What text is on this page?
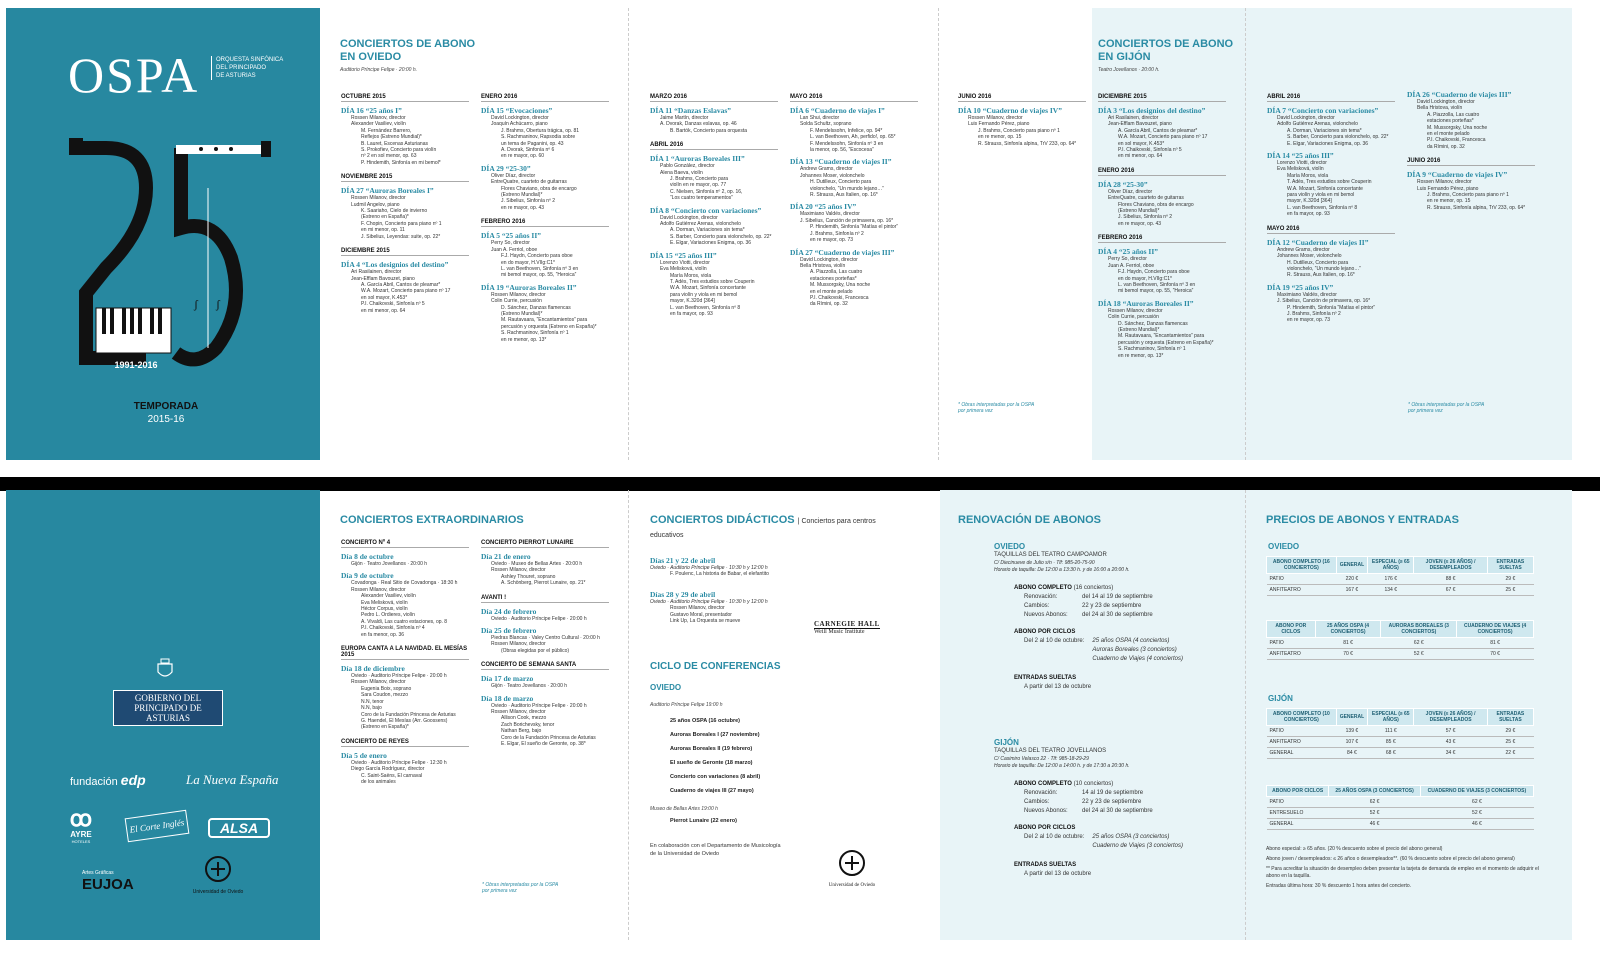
OSPA	ORQUESTA SINFÓNICA
DEL PRINCIPADO
DE ASTURIAS
ʃ ʃ
1991-2016
TEMPORADA
2015-16
CONCIERTOS DE ABONO
EN OVIEDO
Auditorio Príncipe Felipe · 20:00 h.
OCTUBRE 2015
DÍA 16 “25 años I”
Rossen Milanov, director
Alexander Vasiliev, violín
M. Fernández Barrero,
Reflejos (Estreno Mundial)*
B. Lauret, Escenas Asturianas
S. Prokofiev, Concierto para violín
nº 2 en sol menor, op. 63
P. Hindemith, Sinfonía en mi bemol*
NOVIEMBRE 2015
DÍA 27 “Auroras Boreales I”
Rossen Milanov, director
Ludmil Angelov, piano
K. Saariaho, Cielo de invierno
(Estreno en España)*
F. Chopin, Concierto para piano nº 1
en mi menor, op. 11
J. Sibelius, Leyendas: suite, op. 22*
DICIEMBRE 2015
DÍA 4 “Los designios del destino”
Ari Rasilainen, director
Jean-Efflam Bavouzet, piano
A. García Abril, Cantos de pleamar*
W.A. Mozart, Concierto para piano nº 17
en sol mayor, K.453*
P.I. Chaikovski, Sinfonía nº 5
en mi menor, op. 64
ENERO 2016
DÍA 15 “Evocaciones”
David Lockington, director
Joaquín Achúcarro, piano
J. Brahms, Obertura trágica, op. 81
S. Rachmaninov, Rapsodia sobre
un tema de Paganini, op. 43
A. Dvorak, Sinfonía nº 6
en re mayor, op. 60
DÍA 29 “25-30”
Oliver Díaz, director
EntreQuatre, cuarteto de guitarras
Flores Chaviano, obra de encargo
(Estreno Mundial)*
J. Sibelius, Sinfonía nº 2
en re mayor, op. 43
FEBRERO 2016
DÍA 5 “25 años II”
Perry So, director
Juan A. Ferriol, oboe
F.J. Haydn, Concierto para oboe
en do mayor, H.VIIg:C1*
L. van Beethoven, Sinfonía nº 3 en
mi bemol mayor, op. 55, “Heroica”
DÍA 19 “Auroras Boreales II”
Rossen Milanov, director
Colin Currie, percusión
D. Sánchez, Danzas flamencas
(Estreno Mundial)*
M. Rautavaara, “Encantamientos” para
percusión y orquesta (Estreno en España)*
S. Rachmaninov, Sinfonía nº 1
en re menor, op. 13*
MARZO 2016
DÍA 11 “Danzas Eslavas”
Jaime Martín, director
A. Dvorak, Danzas eslavas, op. 46
B. Bartók, Concierto para orquesta
ABRIL 2016
DÍA 1 “Auroras Boreales III”
Pablo González, director
Alena Baeva, violín
J. Brahms, Concierto para
violín en re mayor, op. 77
C. Nielsen, Sinfonía nº 2, op. 16,
“Los cuatro temperamentos”
DÍA 8 “Concierto con variaciones”
David Lockington, director
Adolfo Gutiérrez Arenas, violonchelo
A. Dorman, Variaciones sin tema*
S. Barber, Concierto para violonchelo, op. 22*
E. Elgar, Variaciones Enigma, op. 36
DÍA 15 “25 años III”
Lorenzo Viotti, director
Eva Melisková, violín
María Moros, viola
T. Adès, Tres estudios sobre Couperin
W.A. Mozart, Sinfonía concertante
para violín y viola en mi bemol
mayor, K.320d [364]
L. van Beethoven, Sinfonía nº 8
en fa mayor, op. 93
MAYO 2016
DÍA 6 “Cuaderno de viajes I”
Lan Shui, director
Solda Schultz, soprano
F. Mendelssohn, Infelice, op. 94*
L. van Beethoven, Ah, perfido!, op. 65*
F. Mendelssohn, Sinfonía nº 3 en
la menor, op. 56, “Escocesa”
DÍA 13 “Cuaderno de viajes II”
Andrew Grams, director
Johannes Moser, violonchelo
H. Dutilleux, Concierto para
violonchelo, “Un mundo lejano…”
R. Strauss, Aus Italien, op. 16*
DÍA 20 “25 años IV”
Maximiano Valdés, director
J. Sibelius, Canción de primavera, op. 16*
P. Hindemith, Sinfonía “Matías el pintor”
J. Brahms, Sinfonía nº 2
en re mayor, op. 73
DÍA 27 “Cuaderno de viajes III”
David Lockington, director
Bella Hristova, violín
A. Piazzolla, Las cuatro
estaciones porteñas*
M. Mussorgsky, Una noche
en el monte pelado
P.I. Chaikovski, Francesca
da Rímini, op. 32
JUNIO 2016
DÍA 10 “Cuaderno de viajes IV”
Rossen Milanov, director
Luis Fernando Pérez, piano
J. Brahms, Concierto para piano nº 1
en re menor, op. 15
R. Strauss, Sinfonía alpina, TrV 233, op. 64*
* Obras interpretadas por la OSPA
por primera vez
CONCIERTOS DE ABONO
EN GIJÓN
Teatro Jovellanos · 20:00 h.
DICIEMBRE 2015
DÍA 3 “Los designios del destino”
Ari Rasilainen, director
Jean-Efflam Bavouzet, piano
A. García Abril, Cantos de pleamar*
W.A. Mozart, Concierto para piano nº 17
en sol mayor, K.453*
P.I. Chaikovski, Sinfonía nº 5
en mi menor, op. 64
ENERO 2016
DÍA 28 “25-30”
Oliver Díaz, director
EntreQuatre, cuarteto de guitarras
Flores Chaviano, obra de encargo
(Estreno Mundial)*
J. Sibelius, Sinfonía nº 2
en re mayor, op. 43
FEBRERO 2016
DÍA 4 “25 años II”
Perry So, director
Juan A. Ferriol, oboe
F.J. Haydn, Concierto para oboe
en do mayor, H.VIIg:C1*
L. van Beethoven, Sinfonía nº 3 en
mi bemol mayor, op. 55, “Heroica”
DÍA 18 “Auroras Boreales II”
Rossen Milanov, director
Colin Currie, percusión
D. Sánchez, Danzas flamencas
(Estreno Mundial)*
M. Rautavaara, “Encantamientos” para
percusión y orquesta (Estreno en España)*
S. Rachmaninov, Sinfonía nº 1
en re menor, op. 13*
ABRIL 2016
DÍA 7 “Concierto con variaciones”
David Lockington, director
Adolfo Gutiérrez Arenas, violonchelo
A. Dorman, Variaciones sin tema*
S. Barber, Concierto para violonchelo, op. 22*
E. Elgar, Variaciones Enigma, op. 36
DÍA 14 “25 años III”
Lorenzo Viotti, director
Eva Melisková, violín
María Moros, viola
T. Adès, Tres estudios sobre Couperin
W.A. Mozart, Sinfonía concertante
para violín y viola en mi bemol
mayor, K.320d [364]
L. van Beethoven, Sinfonía nº 8
en fa mayor, op. 93
MAYO 2016
DÍA 12 “Cuaderno de viajes II”
Andrew Grams, director
Johannes Moser, violonchelo
H. Dutilleux, Concierto para
violonchelo, “Un mundo lejano…”
R. Strauss, Aus Italien, op. 16*
DÍA 19 “25 años IV”
Maximiano Valdés, director
J. Sibelius, Canción de primavera, op. 16*
P. Hindemith, Sinfonía “Matías el pintor”
J. Brahms, Sinfonía nº 2
en re mayor, op. 73
DÍA 26 “Cuaderno de viajes III”
David Lockington, director
Bella Hristova, violín
A. Piazzolla, Las cuatro
estaciones porteñas*
M. Mussorgsky, Una noche
en el monte pelado
P.I. Chaikovski, Francesca
da Rímini, op. 32
JUNIO 2016
DÍA 9 “Cuaderno de viajes IV”
Rossen Milanov, director
Luis Fernando Pérez, piano
J. Brahms, Concierto para piano nº 1
en re menor, op. 15
R. Strauss, Sinfonía alpina, TrV 233, op. 64*
* Obras interpretadas por la OSPA
por primera vez
GOBIERNO DEL
PRINCIPADO DE ASTURIAS
fundación edp	La Nueva España
ꝏ
AYRE
HOTELES
El Corte Inglés	ALSA
Artes Gráficas
EUJOA	Universidad de Oviedo
CONCIERTOS EXTRAORDINARIOS
CONCIERTO Nº 4
Día 8 de octubre
Gijón · Teatro Jovellanos · 20:00 h
Día 9 de octubre
Covadonga · Real Sitio de Covadonga · 18:30 h
Rossen Milanov, director
Alexander Vasiliev, violín
Eva Melisková, violín
Héctor Corpus, violín
Pedro L. Ordieres, violín
A. Vivaldi, Las cuatro estaciones, op. 8
P.I. Chaikovski, Sinfonía nº 4
en fa menor, op. 36
EUROPA CANTA A LA NAVIDAD. EL MESÍAS 2015
Día 18 de diciembre
Oviedo · Auditorio Príncipe Felipe · 20:00 h
Rossen Milanov, director
Eugenia Boix, soprano
Sara Coudon, mezzo
N.N, tenor
N.N, bajo
Coro de la Fundación Princesa de Asturias
G. Haendel, El Mesías (Arr. Goossens)
(Estreno en España)*
CONCIERTO DE REYES
Día 5 de enero
Oviedo · Auditorio Príncipe Felipe · 12:30 h
Diego García Rodríguez, director
C. Saint-Saëns, El carnaval
de los animales
CONCIERTO PIERROT LUNAIRE
Día 21 de enero
Oviedo · Museo de Bellas Artes · 20:00 h
Rossen Milanov, director
Ashley Thouret, soprano
A. Schönberg, Pierrot Lunaire, op. 21*
AVANTI !
Día 24 de febrero
Oviedo · Auditorio Príncipe Felipe · 20:00 h
Día 25 de febrero
Piedras Blancas · Valey Centro Cultural · 20:00 h
Rossen Milanov, director
(Obras elegidas por el público)
CONCIERTO DE SEMANA SANTA
Día 17 de marzo
Gijón · Teatro Jovellanos · 20:00 h
Día 18 de marzo
Oviedo · Auditorio Príncipe Felipe · 20:00 h
Rossen Milanov, director
Allison Cook, mezzo
Zach Borichevsky, tenor
Nathan Berg, bajo
Coro de la Fundación Princesa de Asturias
E. Elgar, El sueño de Geronte, op. 38*
* Obras interpretadas por la OSPA
por primera vez
CONCIERTOS DIDÁCTICOS | Conciertos para centros educativos
Días 21 y 22 de abril
Oviedo · Auditorio Príncipe Felipe · 10:30 h y 12:00 h
F. Poulenc, La historia de Babar, el elefantito
Días 28 y 29 de abril
Oviedo · Auditorio Príncipe Felipe · 10:30 h y 12:00 h
Rossen Milanov, director
Gustavo Moral, presentador
Link Up, La Orquesta se mueve	CARNEGIE HALL
Weill Music Institute
CICLO DE CONFERENCIAS
OVIEDO
Auditorio Príncipe Felipe 19:00 h
25 años OSPA (16 octubre)
Auroras Boreales I (27 noviembre)
Auroras Boreales II (19 febrero)
El sueño de Geronte (18 marzo)
Concierto con variaciones (8 abril)
Cuaderno de viajes III (27 mayo)
Museo de Bellas Artes 19:00 h
Pierrot Lunaire (22 enero)
En colaboración con el Departamento de Musicología
de la Universidad de Oviedo
Universidad de Oviedo
RENOVACIÓN DE ABONOS
OVIEDO
TAQUILLAS DEL TEATRO CAMPOAMOR
C/ Diecinueve de Julio s/n · Tlf: 985-20-75-90
Horario de taquilla: De 12:00 a 13:30 h. y de 16:00 a 20:00 h.
ABONO COMPLETO (16 conciertos)
Renovación:	del 14 al 19 de septiembre
Cambios:	22 y 23 de septiembre
Nuevos Abonos:	del 24 al 30 de septiembre
ABONO POR CICLOS
Del 2 al 10 de octubre: 25 años OSPA (4 conciertos)
Auroras Boreales (3 conciertos)
Cuaderno de Viajes (4 conciertos)
ENTRADAS SUELTAS
A partir del 13 de octubre
GIJÓN
TAQUILLAS DEL TEATRO JOVELLANOS
C/ Casimiro Velasco 22 · Tlf: 985-18-29-29
Horario de taquilla: De 12:00 a 14:00 h. y de 17:30 a 20:30 h.
ABONO COMPLETO (10 conciertos)
Renovación:	14 al 19 de septiembre
Cambios:	22 y 23 de septiembre
Nuevos Abonos:	del 24 al 30 de septiembre
ABONO POR CICLOS
Del 2 al 10 de octubre: 25 años OSPA (3 conciertos)
Cuaderno de Viajes (3 conciertos)
ENTRADAS SUELTAS
A partir del 13 de octubre
PRECIOS DE ABONOS Y ENTRADAS
OVIEDO
ABONO COMPLETO (16 CONCIERTOS)	GENERAL	ESPECIAL (≥ 65 AÑOS)	JOVEN (≤ 26 AÑOS) / DESEMPLEADOS	ENTRADAS SUELTAS
PATIO	220 €	176 €	88 €	29 €
ANFITEATRO	167 €	134 €	67 €	25 €
ABONO POR CICLOS	25 AÑOS OSPA (4 CONCIERTOS)	AURORAS BOREALES (3 CONCIERTOS)	CUADERNO DE VIAJES (4 CONCIERTOS)
PATIO	81 €	62 €	81 €
ANFITEATRO	70 €	52 €	70 €
GIJÓN
ABONO COMPLETO (10 CONCIERTOS)	GENERAL	ESPECIAL (≥ 65 AÑOS)	JOVEN (≤ 26 AÑOS) / DESEMPLEADOS	ENTRADAS SUELTAS
PATIO	139 €	111 €	57 €	29 €
ANFITEATRO	107 €	85 €	43 €	25 €
GENERAL	84 €	68 €	34 €	22 €
ABONO POR CICLOS	25 AÑOS OSPA (3 CONCIERTOS)	CUADERNO DE VIAJES (3 CONCIERTOS)
PATIO	62 €	62 €
ENTRESUELO	52 €	52 €
GENERAL	46 €	46 €
Abono especial: ≥ 65 años. (20 % descuento sobre el precio del abono general)
Abono joven / desempleados: ≤ 26 años o desempleados**. (60 % descuento sobre el precio del abono general)
** Para acreditar la situación de desempleo deben presentar la tarjeta de demanda de empleo en el momento de adquirir el abono en la taquilla.
Entradas última hora: 30 % descuento 1 hora antes del concierto.
